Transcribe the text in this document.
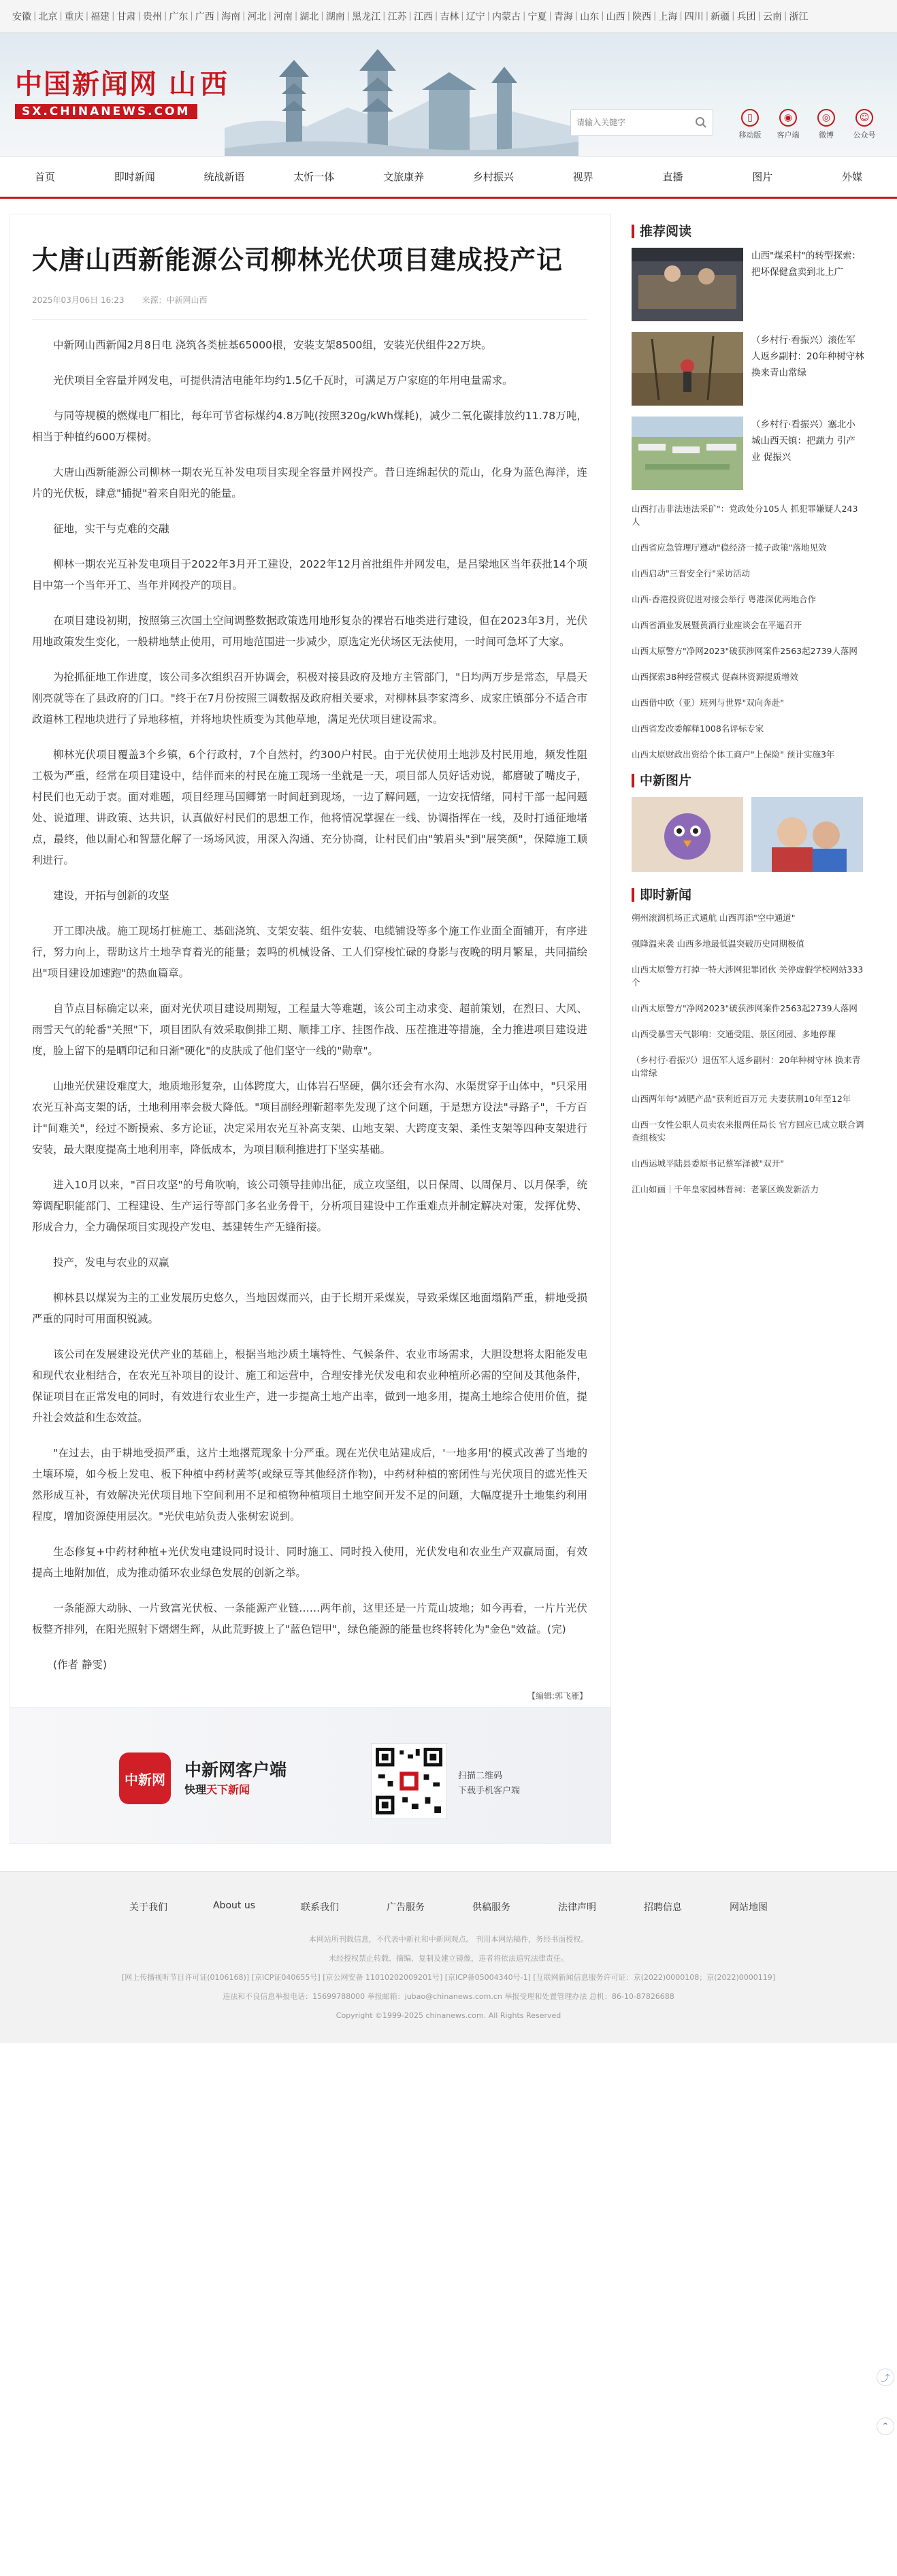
安徽 | 北京 | 重庆 | 福建 | 甘肃 | 贵州 | 广东 | 广西 | 海南 | 河北 | 河南 | 湖北 | 湖南 | 黑龙江 | 江苏 | 江西 | 吉林 | 辽宁 | 内蒙古 | 宁夏 | 青海 | 山东 | 山西 | 陕西 | 上海 | 四川 | 新疆 | 兵团 | 云南 | 浙江
中国新闻网 山西
SX.CHINANEWS.COM
请输入关键字	▯
移动版
◉
客户端
◎
微博
☺
公众号
首页	即时新闻	统战新语	太忻一体	文旅康养	乡村振兴	视界	直播	图片	外媒
大唐山西新能源公司柳林光伏项目建成投产记
2025年03月06日 16:23 来源：中新网山西

中新网山西新闻2月8日电 浇筑各类桩基65000根，安装支架8500组，安装光伏组件22万块。

光伏项目全容量并网发电，可提供清洁电能年均约1.5亿千瓦时，可满足万户家庭的年用电量需求。

与同等规模的燃煤电厂相比，每年可节省标煤约4.8万吨(按照320g/kWh煤耗)，减少二氧化碳排放约11.78万吨，相当于种植约600万棵树。

大唐山西新能源公司柳林一期农光互补发电项目实现全容量并网投产。昔日连绵起伏的荒山，化身为蓝色海洋，连片的光伏板，肆意"捕捉"着来自阳光的能量。

征地，实干与克难的交融

柳林一期农光互补发电项目于2022年3月开工建设，2022年12月首批组件并网发电，是吕梁地区当年获批14个项目中第一个当年开工、当年并网投产的项目。

在项目建设初期，按照第三次国土空间调整数据政策选用地形复杂的裸岩石地类进行建设，但在2023年3月，光伏用地政策发生变化，一般耕地禁止使用，可用地范围进一步减少，原选定光伏场区无法使用，一时间可急坏了大家。

为抢抓征地工作进度，该公司多次组织召开协调会，积极对接县政府及地方主管部门，"日均两万步是常态，早晨天刚亮就等在了县政府的门口。"终于在7月份按照三调数据及政府相关要求，对柳林县李家湾乡、成家庄镇部分不适合市政道林工程地块进行了异地移植，并将地块性质变为其他草地，满足光伏项目建设需求。

柳林光伏项目覆盖3个乡镇，6个行政村，7个自然村，约300户村民。由于光伏使用土地涉及村民用地，频发性阻工极为严重，经常在项目建设中，结伴而来的村民在施工现场一坐就是一天，项目部人员好话劝说，都磨破了嘴皮子，村民们也无动于衷。面对难题，项目经理马国卿第一时间赶到现场，一边了解问题，一边安抚情绪，同村干部一起问题处、说道理、讲政策、达共识，认真做好村民们的思想工作，他将情况掌握在一线、协调指挥在一线，及时打通征地堵点，最终，他以耐心和智慧化解了一场场风波，用深入沟通、充分协商，让村民们由"皱眉头"到"展笑颜"，保障施工顺利进行。

建设，开拓与创新的攻坚

开工即决战。施工现场打桩施工、基础浇筑、支架安装、组件安装、电缆铺设等多个施工作业面全面铺开，有序进行，努力向上，帮助这片土地孕育着光的能量；轰鸣的机械设备、工人们穿梭忙碌的身影与夜晚的明月繁星，共同描绘出"项目建设加速跑"的热血篇章。

自节点目标确定以来，面对光伏项目建设周期短，工程量大等难题，该公司主动求变、超前策划，在烈日、大风、雨雪天气的轮番"关照"下，项目团队有效采取倒排工期、顺排工序、挂图作战、压茬推进等措施，全力推进项目建设进度，脸上留下的是晒印记和日渐"硬化"的皮肤成了他们坚守一线的"勋章"。

山地光伏建设难度大，地质地形复杂，山体跨度大，山体岩石坚硬，偶尔还会有水沟、水渠贯穿于山体中，"只采用农光互补高支架的话，土地利用率会极大降低。"项目副经理靳超率先发现了这个问题，于是想方设法"寻路子"，千方百计"间难关"，经过不断摸索、多方论证，决定采用农光互补高支架、山地支架、大跨度支架、柔性支架等四种支架进行安装，最大限度提高土地利用率，降低成本，为项目顺利推进打下坚实基础。

进入10月以来，"百日攻坚"的号角吹响，该公司领导挂帅出征，成立攻坚组，以日保周、以周保月、以月保季，统筹调配职能部门、工程建设、生产运行等部门多名业务骨干，分析项目建设中工作重难点并制定解决对策，发挥优势、形成合力，全力确保项目实现投产发电、基建转生产无缝衔接。

投产，发电与农业的双赢

柳林县以煤炭为主的工业发展历史悠久，当地因煤而兴，由于长期开采煤炭，导致采煤区地面塌陷严重，耕地受损严重的同时可用面积锐减。

该公司在发展建设光伏产业的基础上，根据当地沙质土壤特性、气候条件、农业市场需求，大胆设想将太阳能发电和现代农业相结合，在农光互补项目的设计、施工和运营中，合理安排光伏发电和农业种植所必需的空间及其他条件，保证项目在正常发电的同时，有效进行农业生产，进一步提高土地产出率，做到一地多用，提高土地综合使用价值，提升社会效益和生态效益。

"在过去，由于耕地受损严重，这片土地撂荒现象十分严重。现在光伏电站建成后，'一地多用'的模式改善了当地的土壤环境，如今板上发电、板下种植中药材黄芩(或绿豆等其他经济作物)，中药材种植的密闭性与光伏项目的遮光性天然形成互补，有效解决光伏项目地下空间利用不足和植物种植项目土地空间开发不足的问题，大幅度提升土地集约利用程度，增加资源使用层次。"光伏电站负责人张树宏说到。

生态修复+中药材种植+光伏发电建设同时设计、同时施工、同时投入使用，光伏发电和农业生产双赢局面，有效提高土地附加值，成为推动循环农业绿色发展的创新之举。

一条能源大动脉、一片致富光伏板、一条能源产业链……两年前，这里还是一片荒山坡地；如今再看，一片片光伏板整齐排列，在阳光照射下熠熠生辉，从此荒野披上了"蓝色铠甲"，绿色能源的能量也终将转化为"金色"效益。(完)

(作者 静雯)

【编辑:郭飞雁】
中新网	中新网客户端
快理天下新闻
扫描二维码
下载手机客户端
推荐阅读
山西"煤采村"的转型探索：把坏保健盒卖到北上广
（乡村行·看振兴）滚佐军人返乡副村：20年种树守林 换来青山常绿
（乡村行·看振兴）塞北小城山西天镇：把蔬力 引产业 促振兴
山西打击非法违法采矿"：党政处分105人 抓犯罪嫌疑人243人
山西省应急管理厅遵动"稳经济一揽子政策"落地见效
山西启动"三晋安全行"采访活动
山西-香港投资促进对接会举行 粤港深优两地合作
山西省酒业发展暨黄酒行业座谈会在平遥召开
山西太原警方"净网2023"破获涉网案件2563起2739人落网
山西探索38种经营模式 促森林资源提质增效
山西借中欧（亚）班列与世界"双向奔赴"
山西省发改委解释1008名评标专家
山西太原财政出资给个体工商户"上保险" 预计实施3年
中新图片
即时新闻
朔州滚润机场正式通航 山西再添"空中通道"
强降温来袭 山西多地最低温突破历史同期极值
山西太原警方打掉一特大涉网犯罪团伙 关停虚假学校网站333个
山西太原警方"净网2023"破获涉网案件2563起2739人落网
山西受暴雪天气影响：交通受阻、景区闭园、多地停课
（乡村行·看振兴）退伍军人返乡副村：20年种树守林 换来青山常绿
山西两年每"减肥产品"获利近百万元 夫妻获刑10年至12年
山西一女性公职人员卖农来报两任局长 官方回应已成立联合调查组核实
山西运城平陆县委原书记蔡军泽被"双开"
江山如画｜千年皇家园林晋祠：老篆区焕发新活力
⤴
⌃
关于我们	About us	联系我们	广告服务	供稿服务	法律声明	招聘信息	网站地图

本网站所刊载信息，不代表中新社和中新网观点。 刊用本网站稿件，务经书面授权。

未经授权禁止转载、摘编、复制及建立镜像，违者将依法追究法律责任。

[网上传播视听节目许可证(0106168)] [京ICP证040655号] [京公网安备 11010202009201号] [京ICP备05004340号-1] [互联网新闻信息服务许可证：京(2022)0000108；京(2022)0000119]

违法和不良信息举报电话：15699788000 举报邮箱：jubao@chinanews.com.cn 举报受理和处置管理办法 总机：86-10-87826688

Copyright ©1999-2025 chinanews.com. All Rights Reserved
